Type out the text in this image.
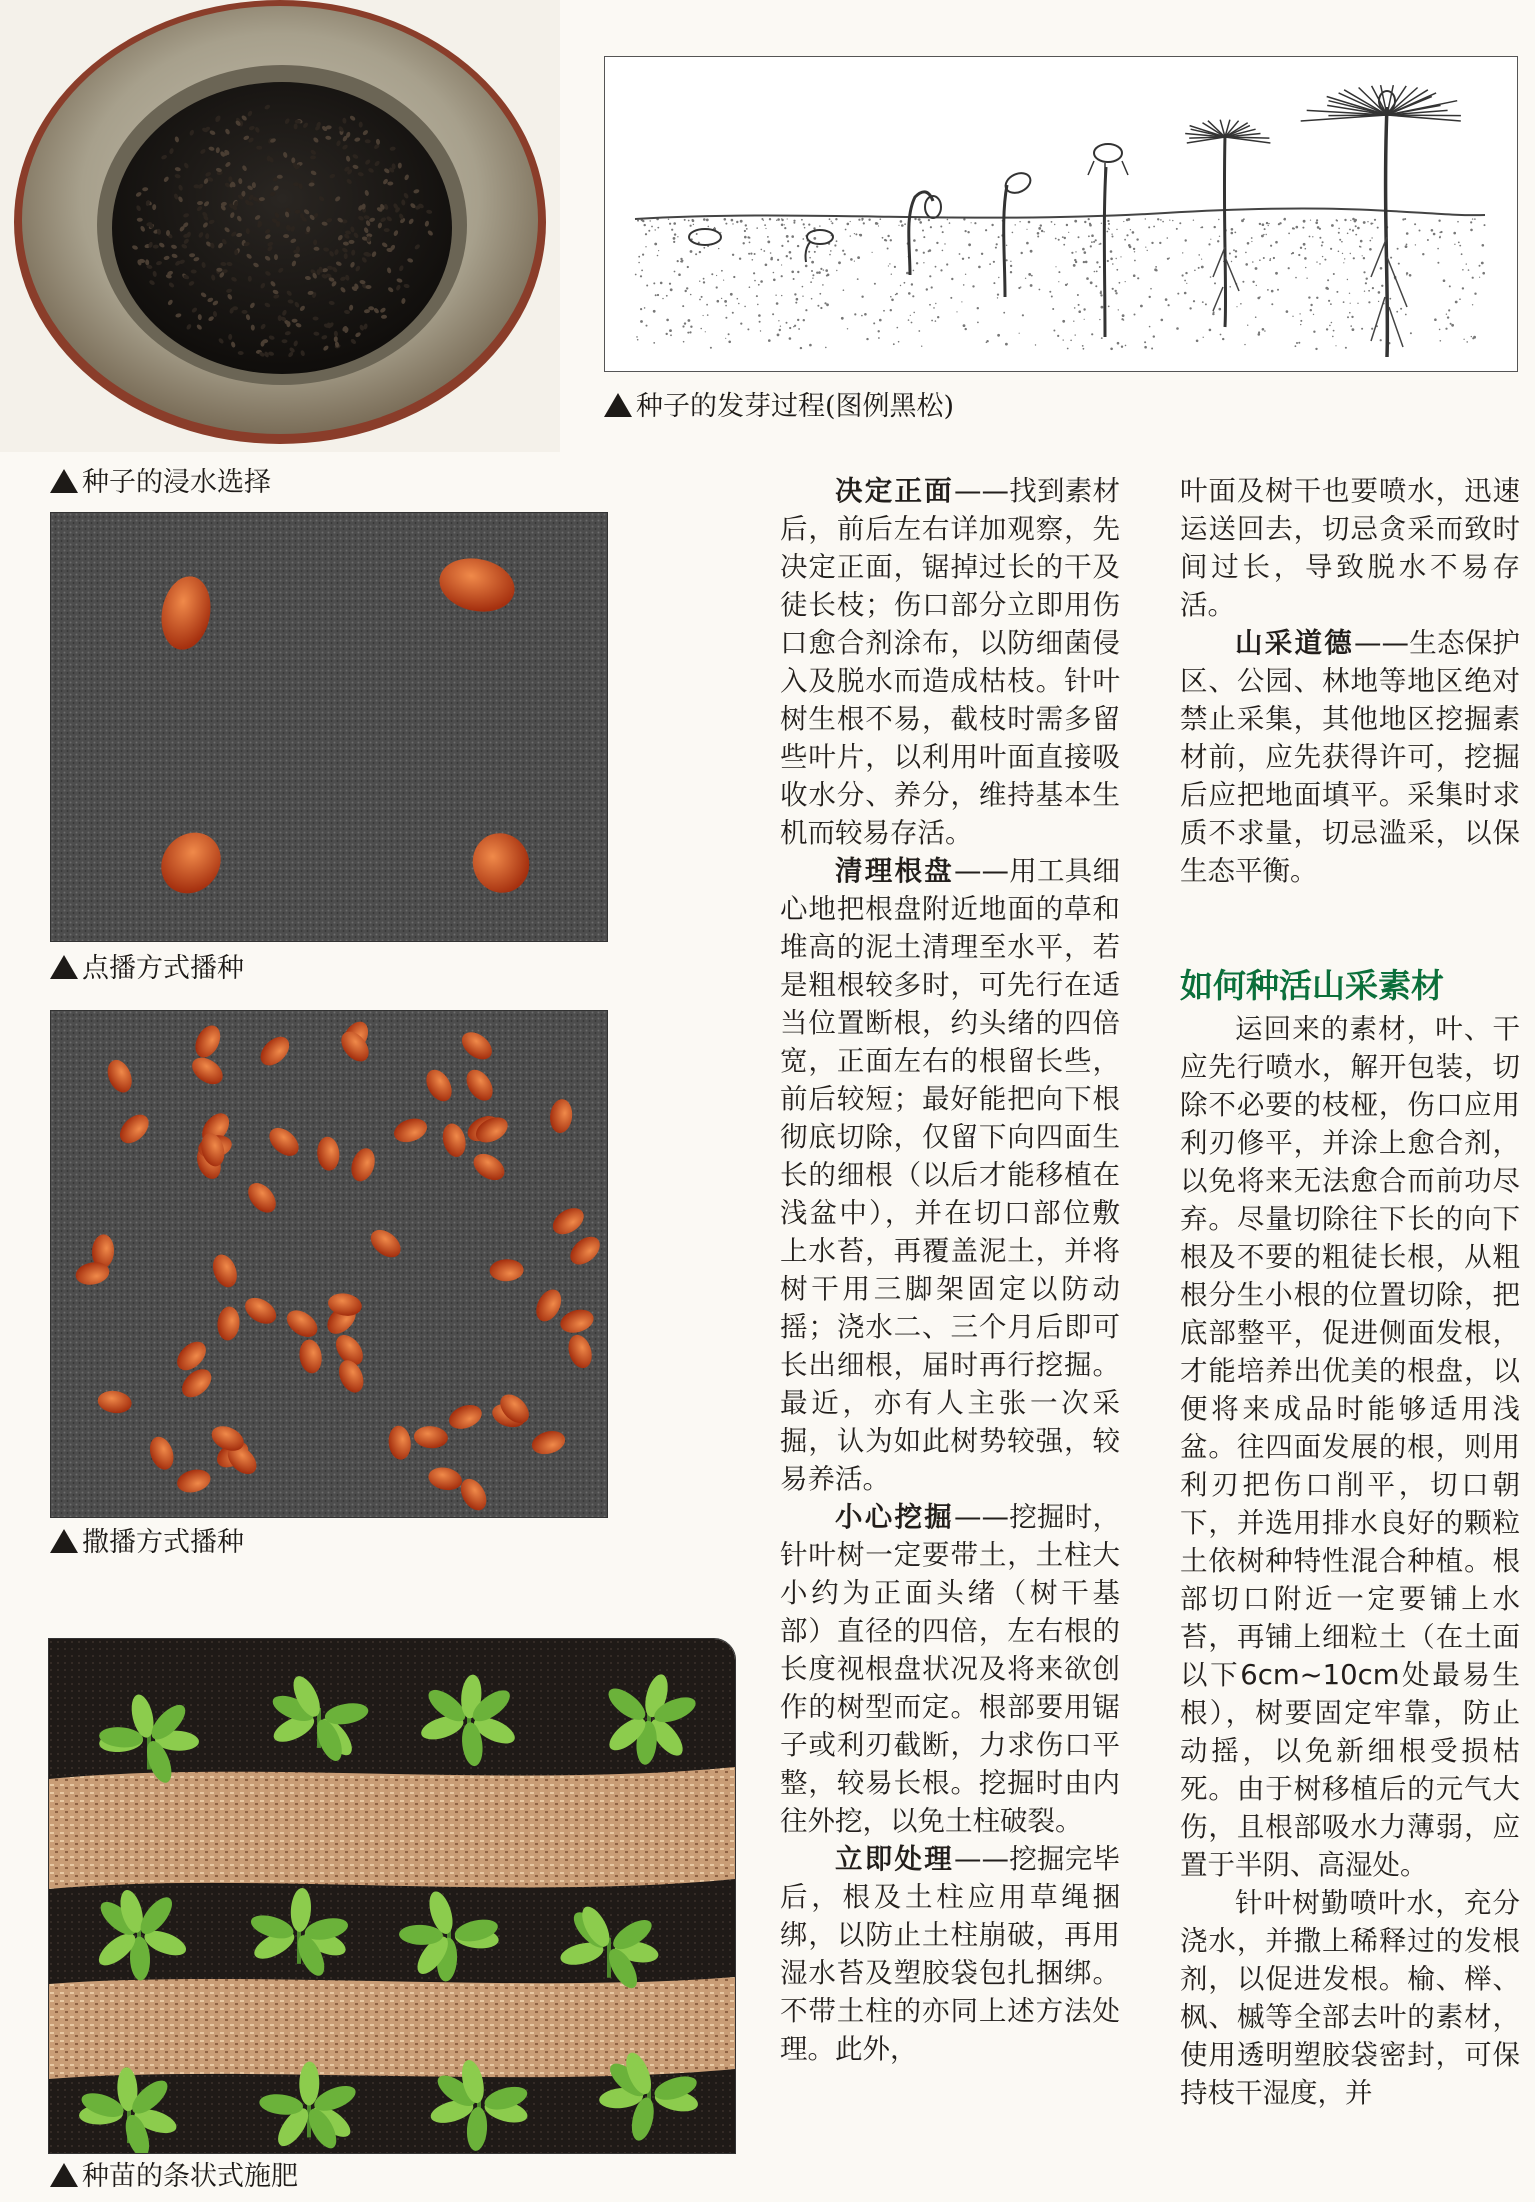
种子的发芽过程(图例黑松)
种子的浸水选择
点播方式播种
撒播方式播种
种苗的条状式施肥

决定正面——找到素材后，前后左右详加观察，先决定正面，锯掉过长的干及徒长枝；伤口部分立即用伤口愈合剂涂布，以防细菌侵入及脱水而造成枯枝。针叶树生根不易，截枝时需多留些叶片，以利用叶面直接吸收水分、养分，维持基本生机而较易存活。

清理根盘——用工具细心地把根盘附近地面的草和堆高的泥土清理至水平，若是粗根较多时，可先行在适当位置断根，约头绪的四倍宽，正面左右的根留长些，前后较短；最好能把向下根彻底切除，仅留下向四面生长的细根（以后才能移植在浅盆中），并在切口部位敷上水苔，再覆盖泥土，并将树干用三脚架固定以防动摇；浇水二、三个月后即可长出细根，届时再行挖掘。最近，亦有人主张一次采掘，认为如此树势较强，较易养活。

小心挖掘——挖掘时，针叶树一定要带土，土柱大小约为正面头绪（树干基部）直径的四倍，左右根的长度视根盘状况及将来欲创作的树型而定。根部要用锯子或利刃截断，力求伤口平整，较易长根。挖掘时由内往外挖，以免土柱破裂。

立即处理——挖掘完毕后，根及土柱应用草绳捆绑，以防止土柱崩破，再用湿水苔及塑胶袋包扎捆绑。不带土柱的亦同上述方法处理。此外，

叶面及树干也要喷水，迅速运送回去，切忌贪采而致时间过长，导致脱水不易存活。

山采道德——生态保护区、公园、林地等地区绝对禁止采集，其他地区挖掘素材前，应先获得许可，挖掘后应把地面填平。采集时求质不求量，切忌滥采，以保生态平衡。

如何种活山采素材

运回来的素材，叶、干应先行喷水，解开包装，切除不必要的枝桠，伤口应用利刃修平，并涂上愈合剂，以免将来无法愈合而前功尽弃。尽量切除往下长的向下根及不要的粗徒长根，从粗根分生小根的位置切除，把底部整平，促进侧面发根，才能培养出优美的根盘，以便将来成品时能够适用浅盆。往四面发展的根，则用利刃把伤口削平，切口朝下，并选用排水良好的颗粒土依树种特性混合种植。根部切口附近一定要铺上水苔，再铺上细粒土（在土面以下6cm~10cm处最易生根），树要固定牢靠，防止动摇，以免新细根受损枯死。由于树移植后的元气大伤，且根部吸水力薄弱，应置于半阴、高湿处。

针叶树勤喷叶水，充分浇水，并撒上稀释过的发根剂，以促进发根。榆、榉、枫、槭等全部去叶的素材，使用透明塑胶袋密封，可保持枝干湿度，并
